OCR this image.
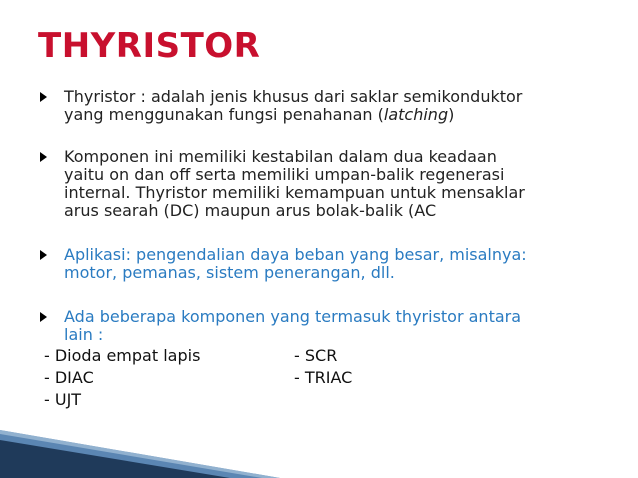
THYRISTOR
Thyristor : adalah jenis khusus dari saklar semikonduktor
yang menggunakan fungsi penahanan (latching)
Komponen ini memiliki kestabilan dalam dua keadaan
yaitu on dan off serta memiliki umpan-balik regenerasi
internal. Thyristor memiliki kemampuan untuk mensaklar
arus searah (DC) maupun arus bolak-balik (AC
Aplikasi: pengendalian daya beban yang besar, misalnya:
motor, pemanas, sistem penerangan, dll.
Ada beberapa komponen yang termasuk thyristor antara
lain :
- Dioda empat lapis	- SCR
- DIAC	- TRIAC
- UJT
